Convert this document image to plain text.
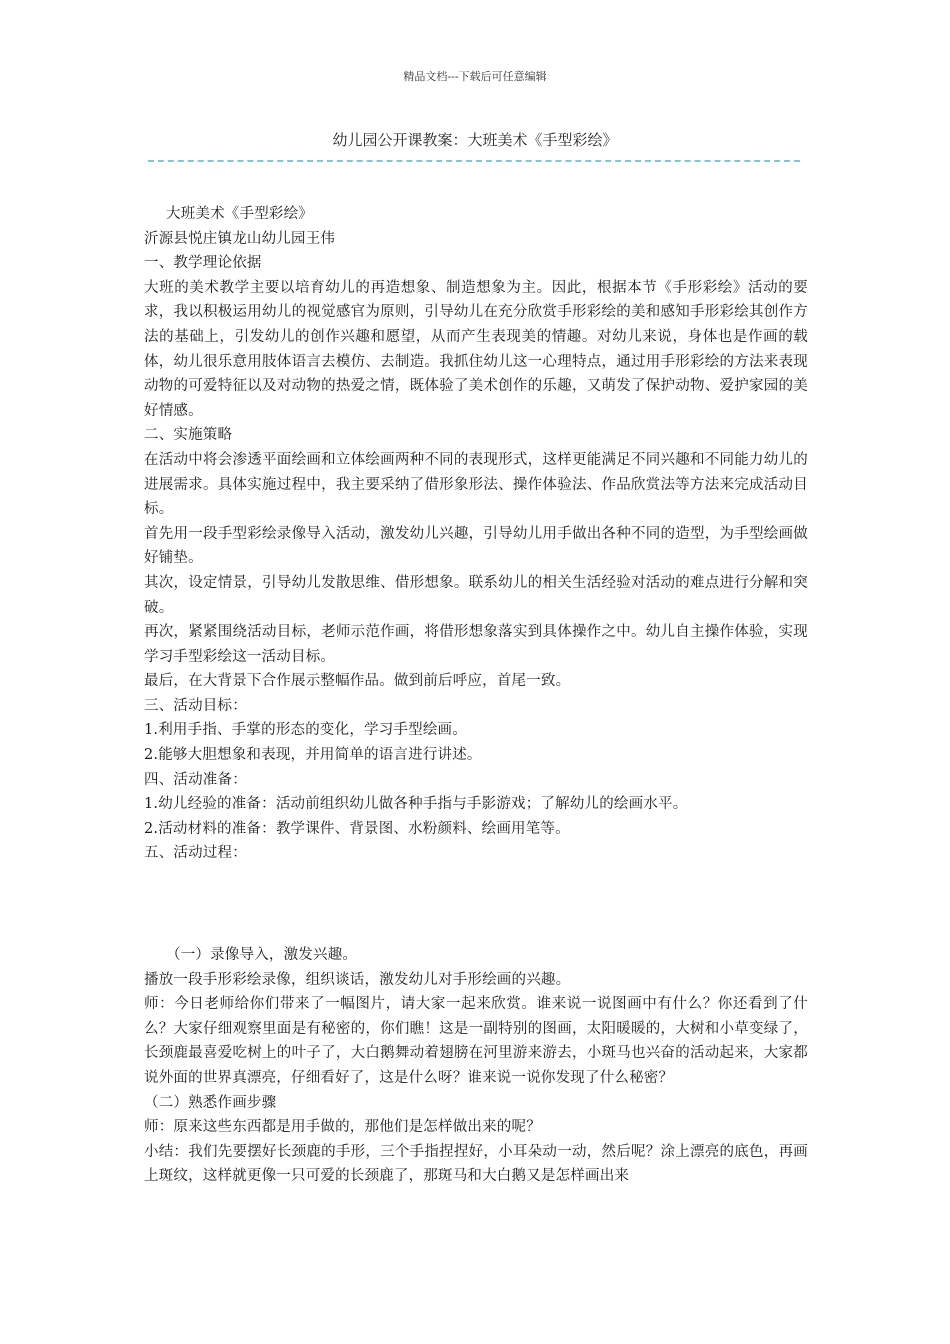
精品文档---下载后可任意编辑
幼儿园公开课教案：大班美术《手型彩绘》

大班美术《手型彩绘》

沂源县悦庄镇龙山幼儿园王伟

一、教学理论依据

大班的美术教学主要以培育幼儿的再造想象、制造想象为主。因此，根据本节《手形彩绘》活动的要求，我以积极运用幼儿的视觉感官为原则，引导幼儿在充分欣赏手形彩绘的美和感知手形彩绘其创作方法的基础上，引发幼儿的创作兴趣和愿望，从而产生表现美的情趣。对幼儿来说，身体也是作画的载体，幼儿很乐意用肢体语言去模仿、去制造。我抓住幼儿这一心理特点，通过用手形彩绘的方法来表现动物的可爱特征以及对动物的热爱之情，既体验了美术创作的乐趣，又萌发了保护动物、爱护家园的美好情感。

二、实施策略

在活动中将会渗透平面绘画和立体绘画两种不同的表现形式，这样更能满足不同兴趣和不同能力幼儿的进展需求。具体实施过程中，我主要采纳了借形象形法、操作体验法、作品欣赏法等方法来完成活动目标。

首先用一段手型彩绘录像导入活动，激发幼儿兴趣，引导幼儿用手做出各种不同的造型，为手型绘画做好铺垫。

其次，设定情景，引导幼儿发散思维、借形想象。联系幼儿的相关生活经验对活动的难点进行分解和突破。

再次，紧紧围绕活动目标，老师示范作画，将借形想象落实到具体操作之中。幼儿自主操作体验，实现学习手型彩绘这一活动目标。

最后，在大背景下合作展示整幅作品。做到前后呼应，首尾一致。

三、活动目标：

1.利用手指、手掌的形态的变化，学习手型绘画。

2.能够大胆想象和表现，并用简单的语言进行讲述。

四、活动准备：

1.幼儿经验的准备：活动前组织幼儿做各种手指与手影游戏；了解幼儿的绘画水平。

2.活动材料的准备：教学课件、背景图、水粉颜料、绘画用笔等。

五、活动过程：

（一）录像导入，激发兴趣。

播放一段手形彩绘录像，组织谈话，激发幼儿对手形绘画的兴趣。

师：今日老师给你们带来了一幅图片，请大家一起来欣赏。谁来说一说图画中有什么？你还看到了什么？大家仔细观察里面是有秘密的，你们瞧！这是一副特别的图画，太阳暖暖的，大树和小草变绿了，长颈鹿最喜爱吃树上的叶子了，大白鹅舞动着翅膀在河里游来游去，小斑马也兴奋的活动起来，大家都说外面的世界真漂亮，仔细看好了，这是什么呀？谁来说一说你发现了什么秘密？

（二）熟悉作画步骤

师：原来这些东西都是用手做的，那他们是怎样做出来的呢？

小结：我们先要摆好长颈鹿的手形，三个手指捏捏好，小耳朵动一动，然后呢？涂上漂亮的底色，再画上斑纹，这样就更像一只可爱的长颈鹿了，那斑马和大白鹅又是怎样画出来
